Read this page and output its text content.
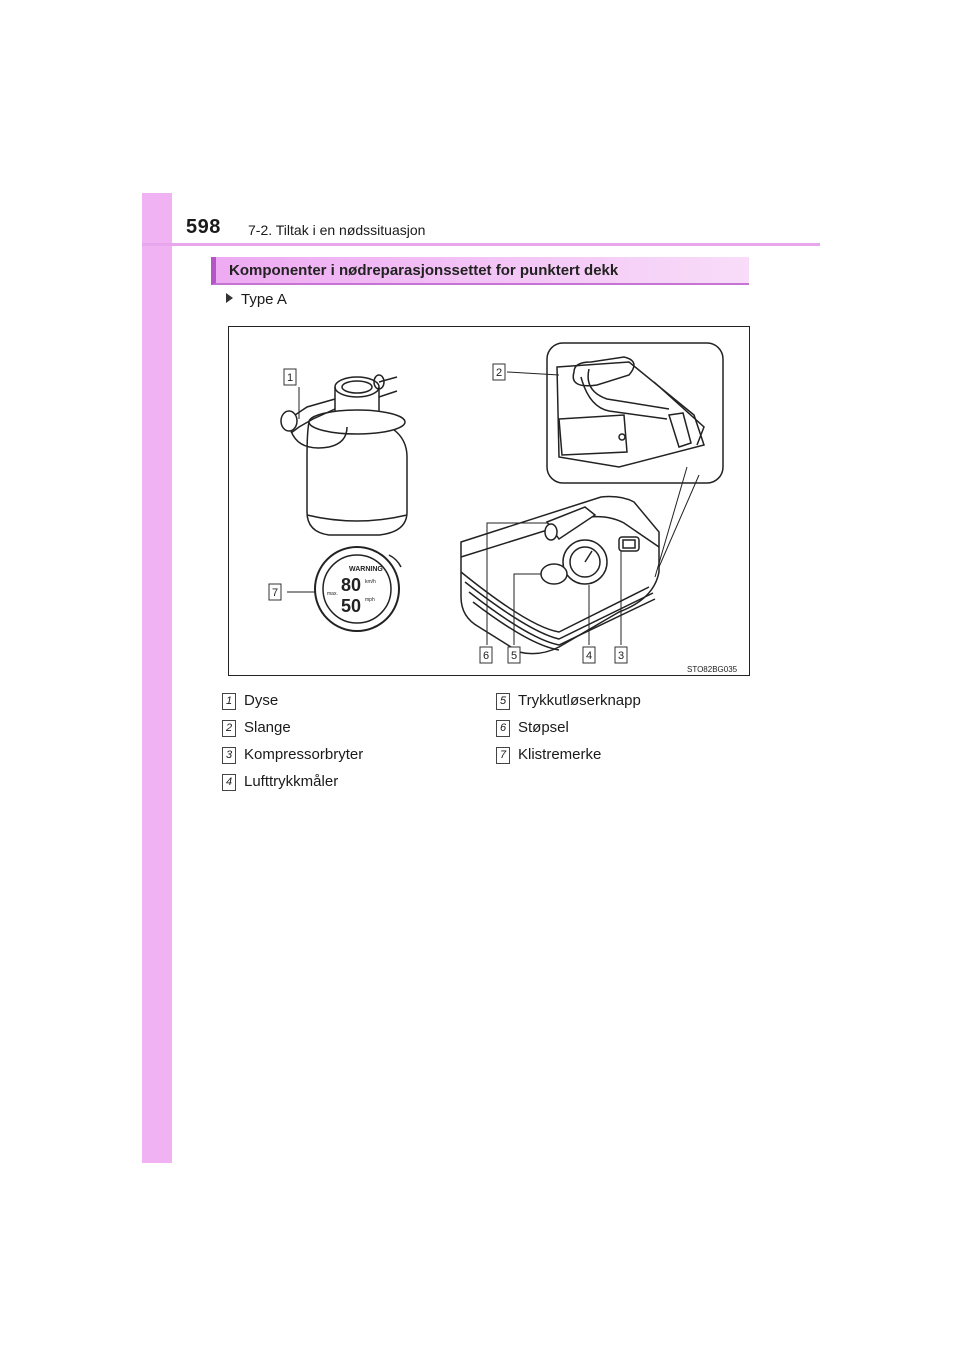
598 7-2. Tiltak i en nødssituasjon
Komponenter i nødreparasjonssettet for punktert dekk
Type A
WARNING
80
50
km/h
mph
max.
STO82BG035
1	2
7
6 5	4 3
1 Dyse
2 Slange
3 Kompressorbryter
4 Lufttrykkmåler
5 Trykkutløserknapp
6 Støpsel
7 Klistremerke
